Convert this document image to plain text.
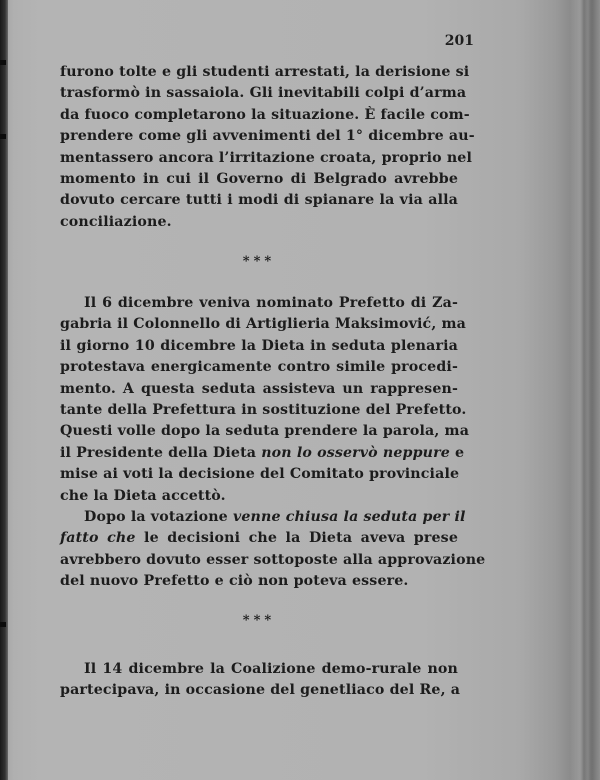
201
furono tolte e gli studenti arrestati, la derisione si
trasformò in sassaiola. Gli inevitabili colpi d’arma
da fuoco completarono la situazione. È facile com-
prendere come gli avvenimenti del 1° dicembre au-
mentassero ancora l’irritazione croata, proprio nel
momento in cui il Governo di Belgrado avrebbe
dovuto cercare tutti i modi di spianare la via alla
conciliazione.
***
Il 6 dicembre veniva nominato Prefetto di Za-
gabria il Colonnello di Artiglieria Maksimović, ma
il giorno 10 dicembre la Dieta in seduta plenaria
protestava energicamente contro simile procedi-
mento. A questa seduta assisteva un rappresen-
tante della Prefettura in sostituzione del Prefetto.
Questi volle dopo la seduta prendere la parola, ma
il Presidente della Dieta non lo osservò neppure e
mise ai voti la decisione del Comitato provinciale
che la Dieta accettò.
Dopo la votazione venne chiusa la seduta per il
fatto che le decisioni che la Dieta aveva prese
avrebbero dovuto esser sottoposte alla approvazione
del nuovo Prefetto e ciò non poteva essere.
***
Il 14 dicembre la Coalizione demo-rurale non
partecipava, in occasione del genetliaco del Re, a
